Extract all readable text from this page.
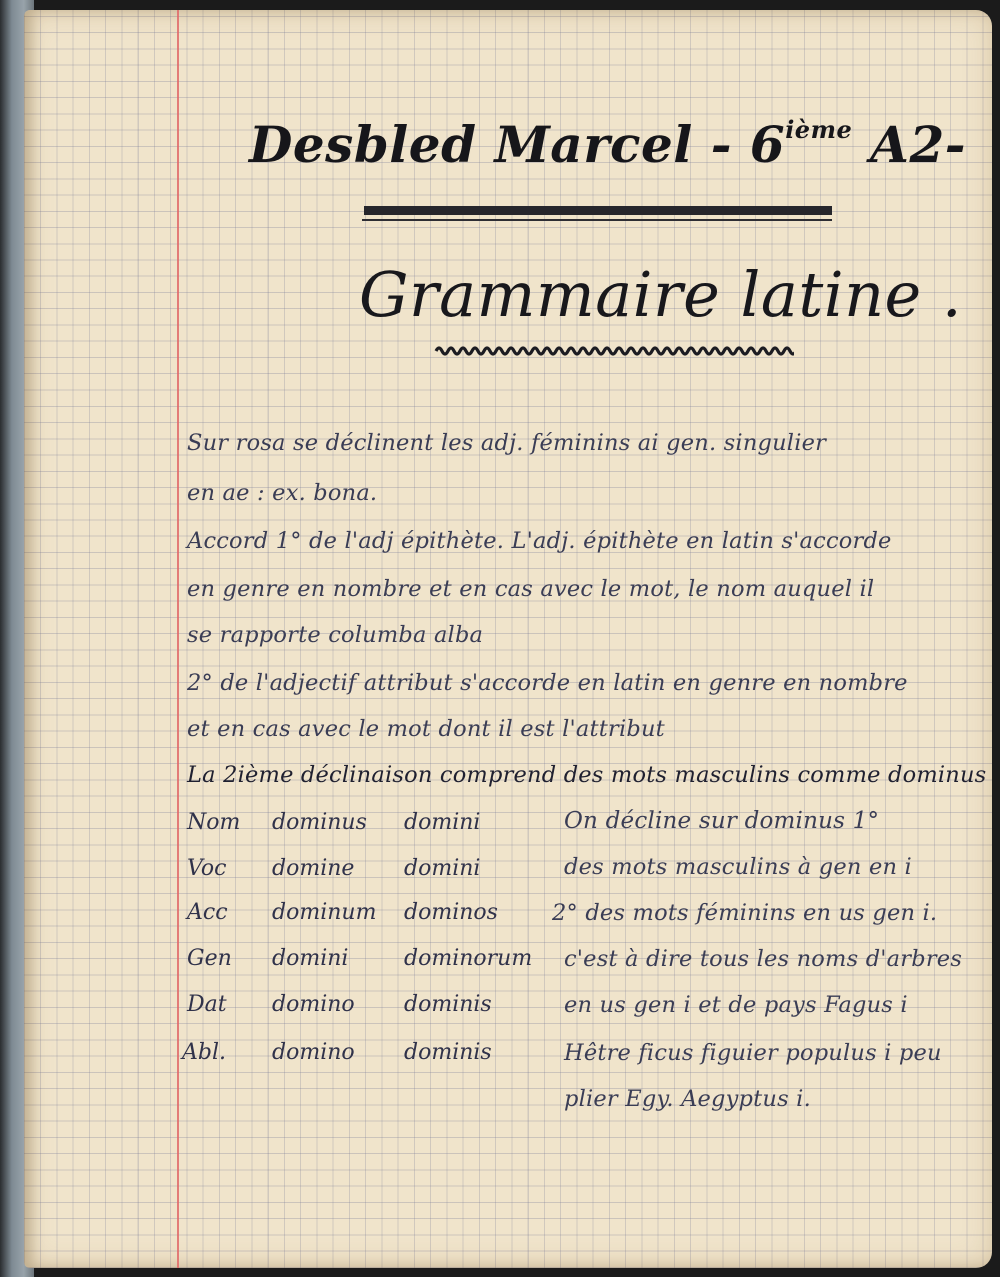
Desbled Marcel - 6ième A2-
Grammaire latine .
Sur rosa se déclinent les adj. féminins ai gen. singulier
en ae : ex. bona.
Accord 1° de l'adj épithète. L'adj. épithète en latin s'accorde
en genre en nombre et en cas avec le mot, le nom auquel il
se rapporte columba alba
2° de l'adjectif attribut s'accorde en latin en genre en nombre
et en cas avec le mot dont il est l'attribut
La 2ième déclinaison comprend des mots masculins comme dominus
Nom dominus domini
Voc domine domini
Acc dominum dominos
Gen domini	dominorum
Dat domino dominis
Abl. domino dominis
On décline sur dominus 1°
des mots masculins à gen en i
2° des mots féminins en us gen i.
c'est à dire tous les noms d'arbres
en us gen i et de pays Fagus i
Hêtre ficus figuier populus i peu
plier Egy. Aegyptus i.
